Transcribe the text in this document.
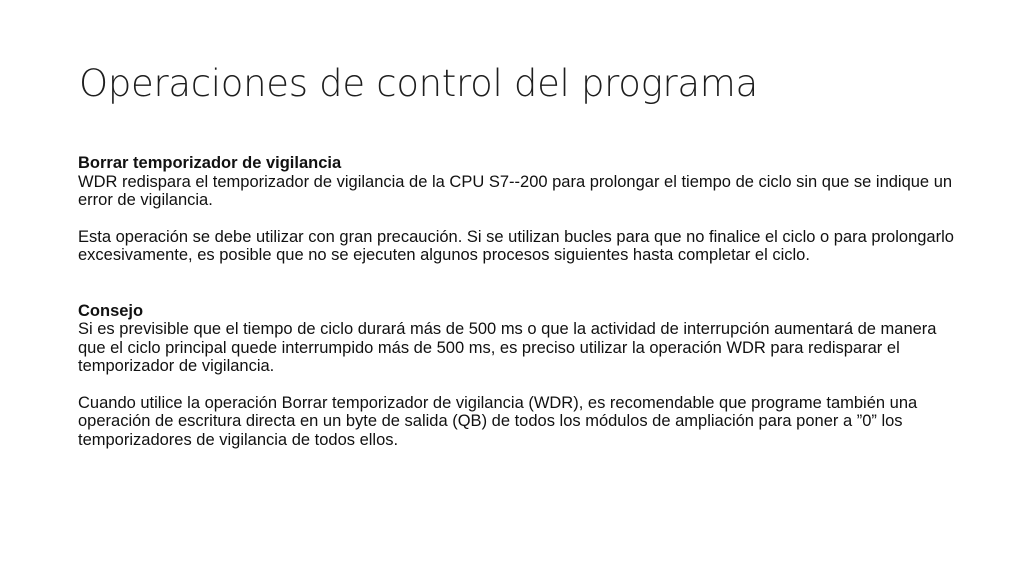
Operaciones de control del programa
Borrar temporizador de vigilancia
WDR redispara el temporizador de vigilancia de la CPU S7--200 para prolongar el tiempo de ciclo sin que se indique un error de vigilancia.
Esta operación se debe utilizar con gran precaución. Si se utilizan bucles para que no finalice el ciclo o para prolongarlo excesivamente, es posible que no se ejecuten algunos procesos siguientes hasta completar el ciclo.
Consejo
Si es previsible que el tiempo de ciclo durará más de 500 ms o que la actividad de interrupción aumentará de manera que el ciclo principal quede interrumpido más de 500 ms, es preciso utilizar la operación WDR para redisparar el temporizador de vigilancia.
Cuando utilice la operación Borrar temporizador de vigilancia (WDR), es recomendable que programe también una operación de escritura directa en un byte de salida (QB) de todos los módulos de ampliación para poner a ”0” los temporizadores de vigilancia de todos ellos.
